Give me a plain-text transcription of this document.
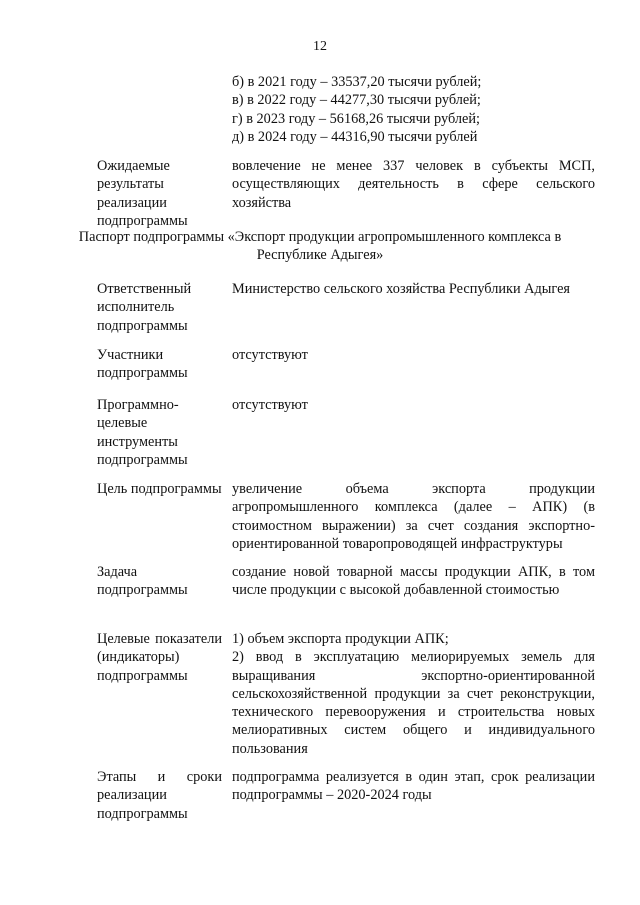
12
б) в 2021 году – 33537,20 тысячи рублей;
в) в 2022 году – 44277,30 тысячи рублей;
г) в 2023 году – 56168,26 тысячи рублей;
д) в 2024 году – 44316,90 тысячи рублей
Ожидаемые результаты реализации подпрограммы
вовлечение не менее 337 человек в субъекты МСП, осуществляющих деятельность в сфере сельского хозяйства
Паспорт подпрограммы «Экспорт продукции агропромышленного комплекса в Республике Адыгея»
Ответственный исполнитель подпрограммы
Министерство сельского хозяйства Республики Адыгея
Участники подпрограммы
отсутствуют
Программно-целевые инструменты подпрограммы
отсутствуют
Цель подпрограммы увеличение объема экспорта продукции агропромышленного комплекса (далее – АПК) (в стоимостном выражении) за счет создания экспортно-ориентированной товаропроводящей инфраструктуры
Задача подпрограммы
создание новой товарной массы продукции АПК, в том числе продукции с высокой добавленной стоимостью
Целевые показатели (индикаторы) подпрограммы
1) объем экспорта продукции АПК;
2) ввод в эксплуатацию мелиорируемых земель для выращивания экспортно-ориентированной сельскохозяйственной продукции за счет реконструкции, технического перевооружения и строительства новых мелиоративных систем общего и индивидуального пользования
Этапы и сроки реализации подпрограммы
подпрограмма реализуется в один этап, срок реализации подпрограммы – 2020-2024 годы
